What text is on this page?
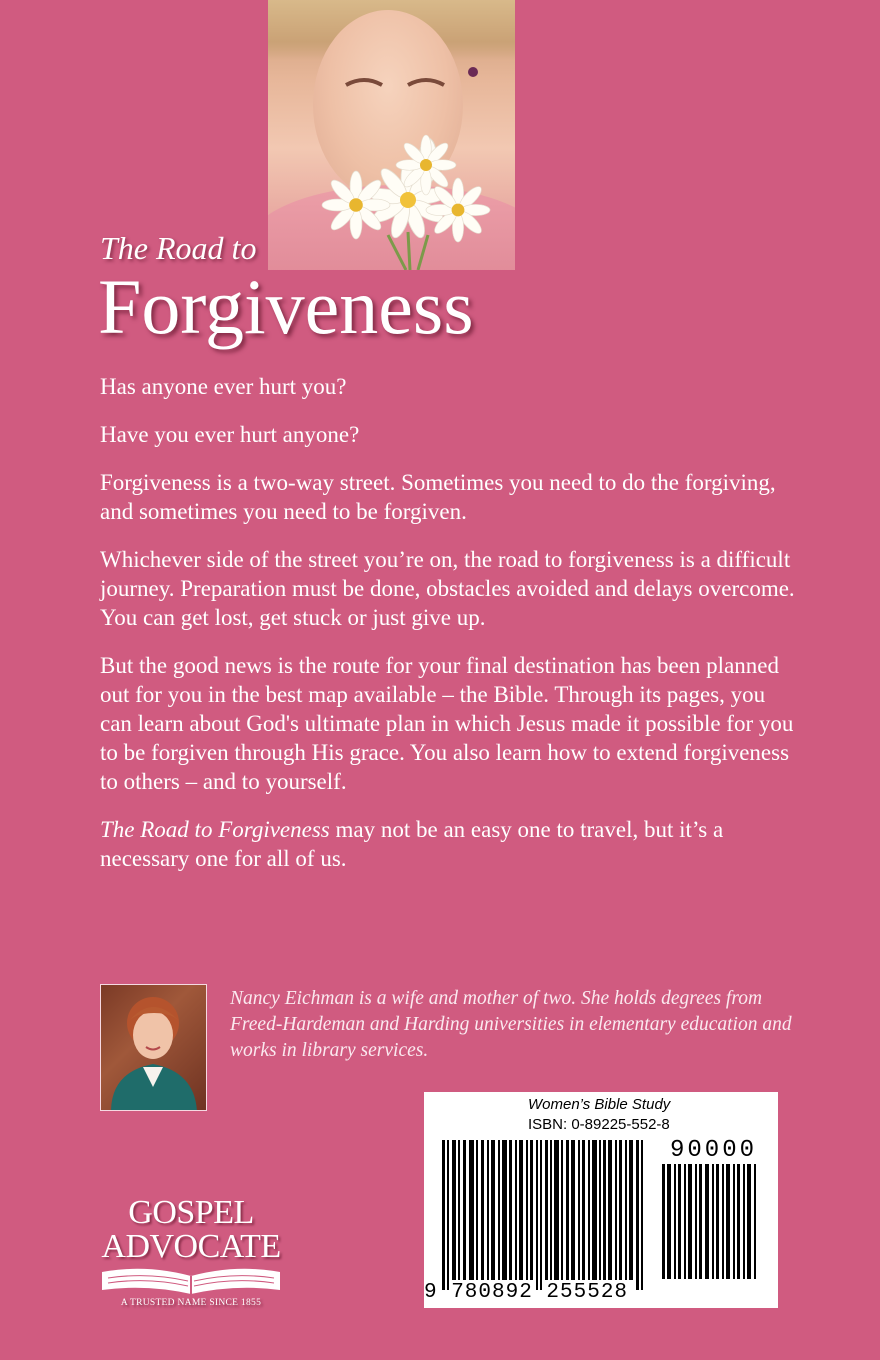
The Road to
Forgiveness

Has anyone ever hurt you?

Have you ever hurt anyone?

Forgiveness is a two-way street. Sometimes you need to do the forgiving, and sometimes you need to be forgiven.

Whichever side of the street you’re on, the road to forgiveness is a difficult journey. Preparation must be done, obstacles avoided and delays overcome. You can get lost, get stuck or just give up.

But the good news is the route for your final destination has been planned out for you in the best map available – the Bible. Through its pages, you can learn about God's ultimate plan in which Jesus made it possible for you to be forgiven through His grace. You also learn how to extend forgiveness to others – and to yourself.

The Road to Forgiveness may not be an easy one to travel, but it’s a necessary one for all of us.

Nancy Eichman is a wife and mother of two. She holds degrees from Freed-Hardeman and Harding universities in elementary education and works in library services.
Women’s Bible Study
ISBN: 0-89225-552-8
90000
9 780892 255528
GOSPEL
ADVOCATE
A TRUSTED NAME SINCE 1855
